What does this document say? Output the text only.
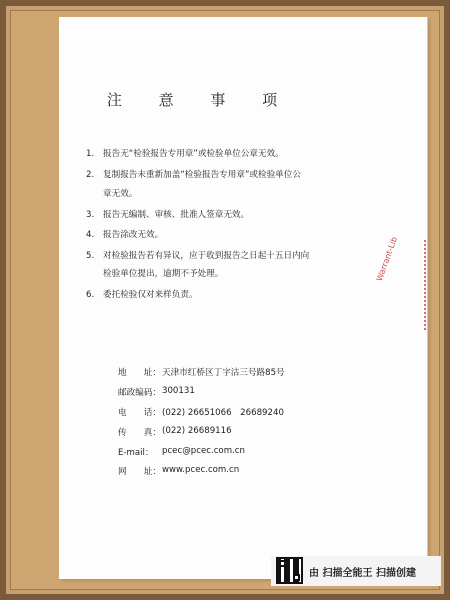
注 意 事 项
1. 报告无“检验报告专用章”或检验单位公章无效。
2. 复制报告未重新加盖“检验报告专用章”或检验单位公
章无效。
3. 报告无编制、审核、批准人签章无效。
4. 报告涂改无效。
5. 对检验报告若有异议，应于收到报告之日起十五日内向
检验单位提出，逾期不予处理。
6. 委托检验仅对来样负责。
地　　址： 天津市红桥区丁字沽三号路85号
邮政编码： 300131
电　　话： (022) 26651066　26689240
传　　真： (022) 26689116
E-mail： pcec@pcec.com.cn
网　　址： www.pcec.com.cn
由 扫描全能王 扫描创建
